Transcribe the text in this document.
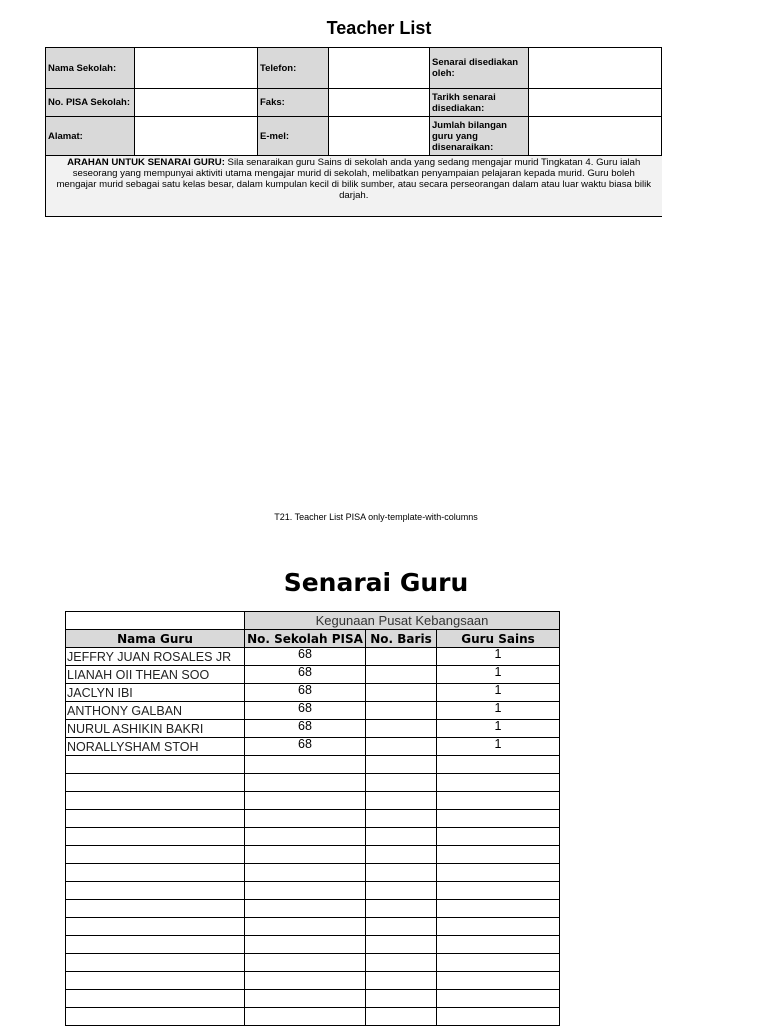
Teacher List
Nama Sekolah:		Telefon:		Senarai disediakan oleh:	
No. PISA Sekolah:		Faks:		Tarikh senarai disediakan:	
Alamat:		E-mel:		Jumlah bilangan guru yang disenaraikan:	
ARAHAN UNTUK SENARAI GURU: Sila senaraikan guru Sains di sekolah anda yang sedang mengajar murid Tingkatan 4. Guru ialah seseorang yang mempunyai aktiviti utama mengajar murid di sekolah, melibatkan penyampaian pelajaran kepada murid. Guru boleh mengajar murid sebagai satu kelas besar, dalam kumpulan kecil di bilik sumber, atau secara perseorangan dalam atau luar waktu biasa bilik darjah.					
T21. Teacher List PISA only-template-with-columns
Senarai Guru
	Kegunaan Pusat Kebangsaan		
Nama Guru	No. Sekolah PISA	No. Baris	Guru Sains
JEFFRY JUAN ROSALES JR	68		1
LIANAH OII THEAN SOO	68		1
JACLYN IBI	68		1
ANTHONY GALBAN	68		1
NURUL ASHIKIN BAKRI	68		1
NORALLYSHAM STOH	68		1
